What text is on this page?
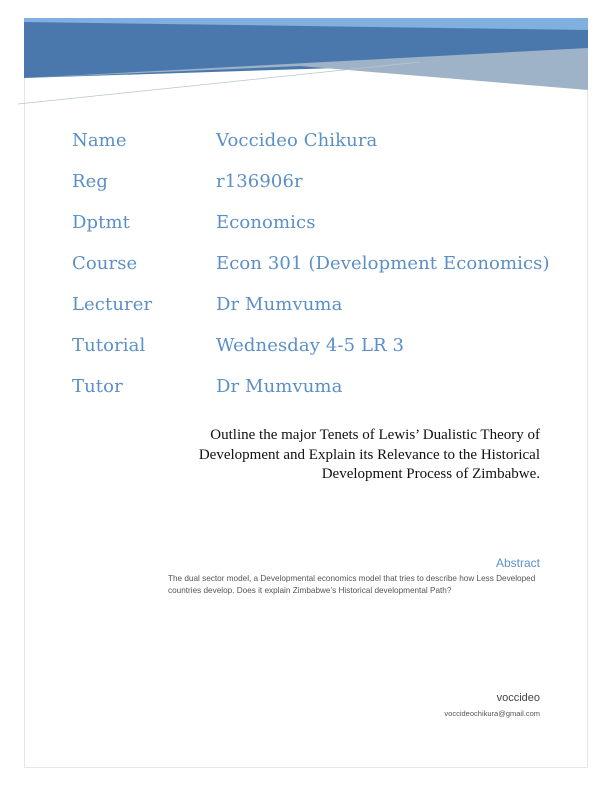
Name	Voccideo Chikura
Reg	r136906r
Dptmt	Economics
Course	Econ 301 (Development Economics)
Lecturer	Dr Mumvuma
Tutorial	Wednesday 4-5 LR 3
Tutor	Dr Mumvuma
Outline the major Tenets of Lewis’ Dualistic Theory of
Development and Explain its Relevance to the Historical
Development Process of Zimbabwe.
Abstract
The dual sector model, a Developmental economics model that tries to describe how Less Developed countries develop. Does it explain Zimbabwe’s Historical developmental Path?
voccideo
voccideochikura@gmail.com
